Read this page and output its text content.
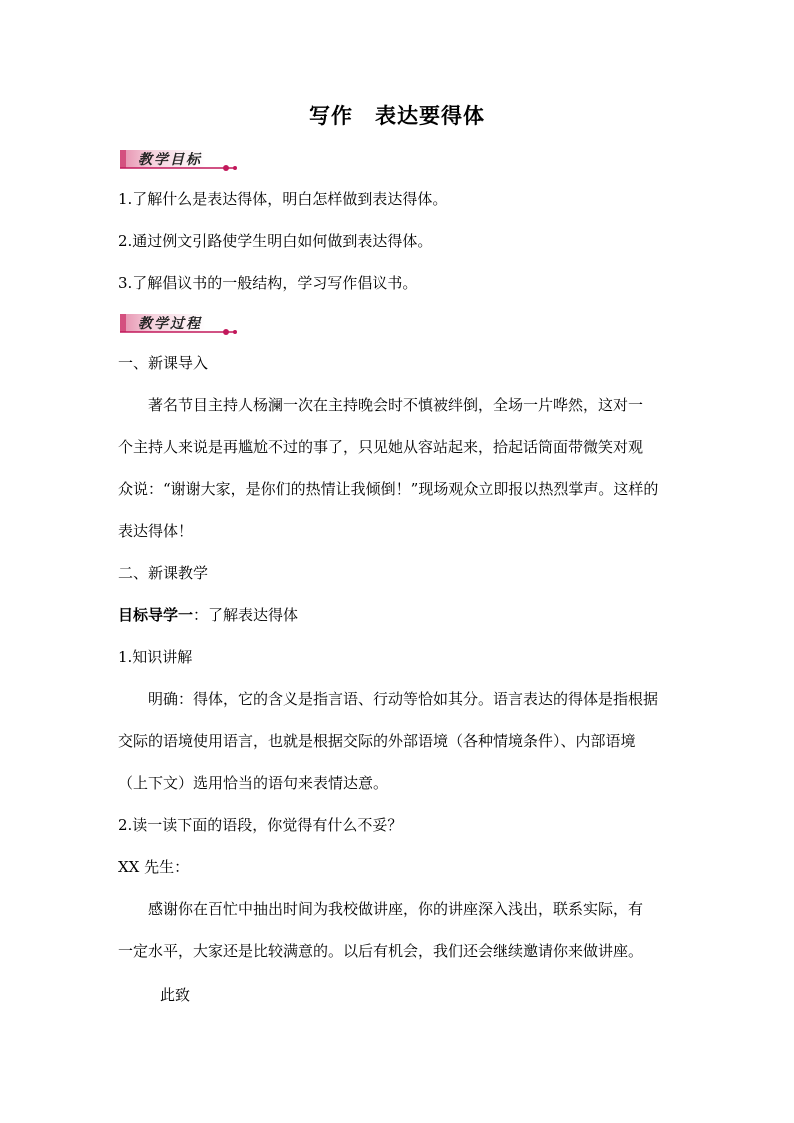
写作　表达要得体
教学目标
1.了解什么是表达得体，明白怎样做到表达得体。
2.通过例文引路使学生明白如何做到表达得体。
3.了解倡议书的一般结构，学习写作倡议书。
教学过程
一、新课导入
著名节目主持人杨澜一次在主持晚会时不慎被绊倒，全场一片哗然，这对一
个主持人来说是再尴尬不过的事了，只见她从容站起来，拾起话筒面带微笑对观
众说：“谢谢大家，是你们的热情让我倾倒！”现场观众立即报以热烈掌声。这样的
表达得体！
二、新课教学
目标导学一：了解表达得体
1.知识讲解
明确：得体，它的含义是指言语、行动等恰如其分。语言表达的得体是指根据
交际的语境使用语言，也就是根据交际的外部语境（各种情境条件）、内部语境
（上下文）选用恰当的语句来表情达意。
2.读一读下面的语段，你觉得有什么不妥？
XX 先生：
感谢你在百忙中抽出时间为我校做讲座，你的讲座深入浅出，联系实际，有
一定水平，大家还是比较满意的。以后有机会，我们还会继续邀请你来做讲座。
此致
